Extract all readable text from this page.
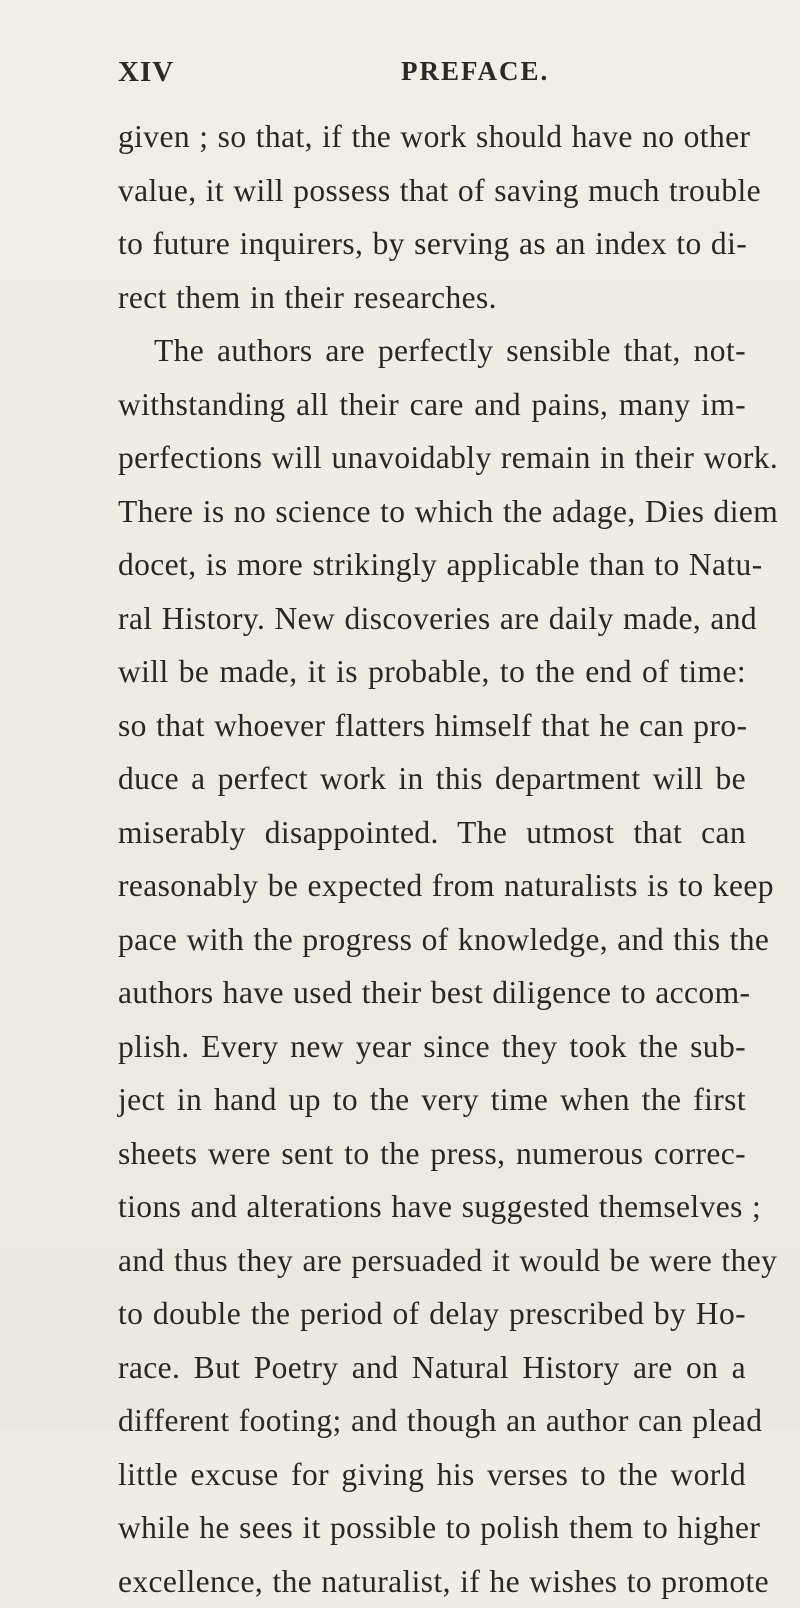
XIV	PREFACE.
given ; so that, if the work should have no other
value, it will possess that of saving much trouble
to future inquirers, by serving as an index to di-
rect them in their researches.
The authors are perfectly sensible that, not-
withstanding all their care and pains, many im-
perfections will unavoidably remain in their work.
There is no science to which the adage, Dies diem
docet, is more strikingly applicable than to Natu-
ral History. New discoveries are daily made, and
will be made, it is probable, to the end of time:
so that whoever flatters himself that he can pro-
duce a perfect work in this department will be
miserably disappointed. The utmost that can
reasonably be expected from naturalists is to keep
pace with the progress of knowledge, and this the
authors have used their best diligence to accom-
plish. Every new year since they took the sub-
ject in hand up to the very time when the first
sheets were sent to the press, numerous correc-
tions and alterations have suggested themselves ;
and thus they are persuaded it would be were they
to double the period of delay prescribed by Ho-
race. But Poetry and Natural History are on a
different footing; and though an author can plead
little excuse for giving his verses to the world
while he sees it possible to polish them to higher
excellence, the naturalist, if he wishes to promote
